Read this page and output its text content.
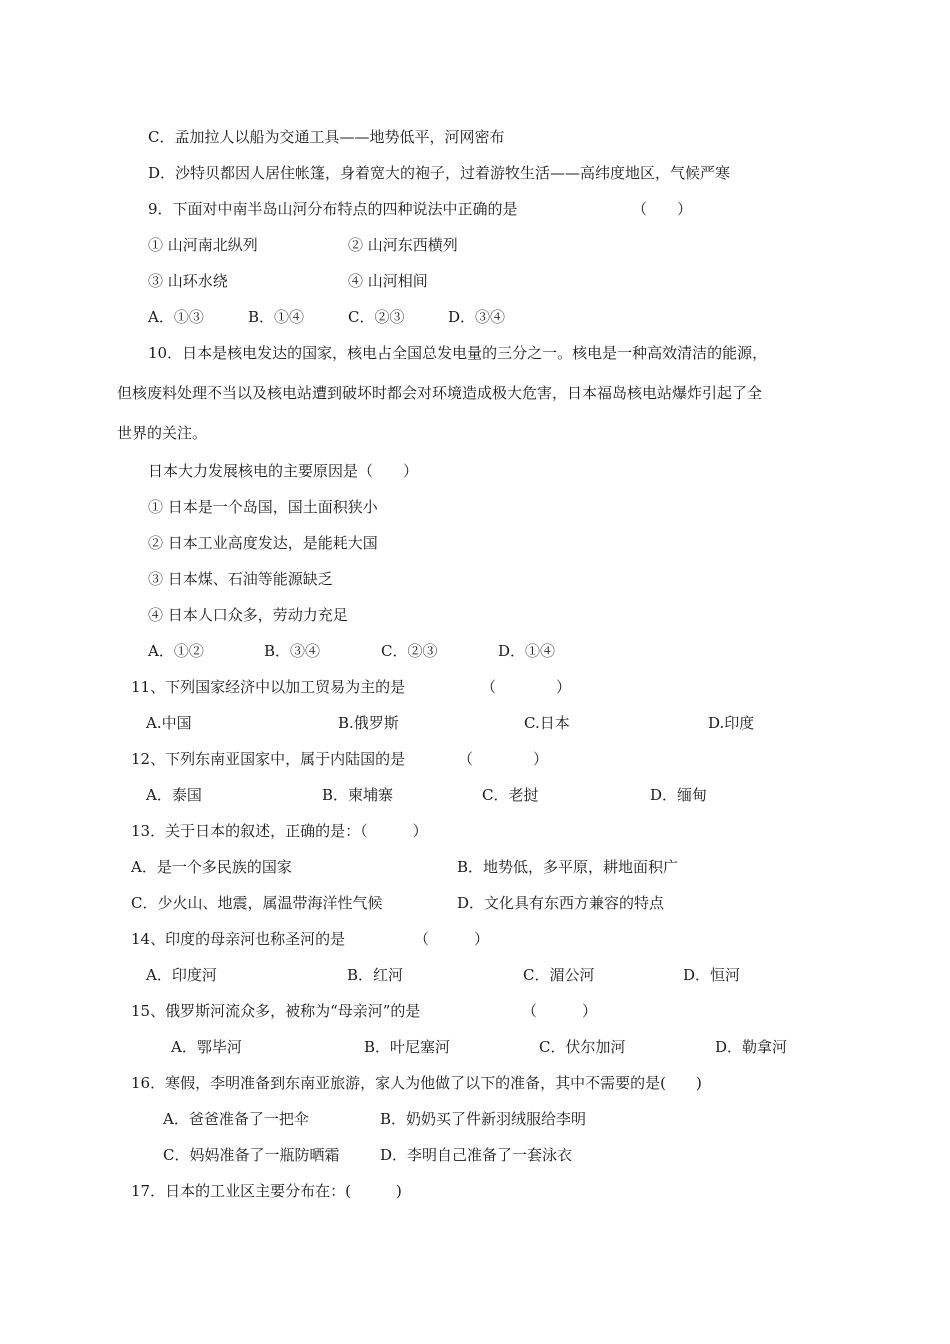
C．孟加拉人以船为交通工具——地势低平，河网密布
D．沙特贝都因人居住帐篷，身着宽大的袍子，过着游牧生活——高纬度地区，气候严寒
9．下面对中南半岛山河分布特点的四种说法中正确的是	（　　）
① 山河南北纵列	② 山河东西横列
③ 山环水绕	④ 山河相间
A．①③	B．①④	C．②③	D．③④
10．日本是核电发达的国家，核电占全国总发电量的三分之一。核电是一种高效清洁的能源，
但核废料处理不当以及核电站遭到破坏时都会对环境造成极大危害，日本福岛核电站爆炸引起了全
世界的关注。
日本大力发展核电的主要原因是（　　）
① 日本是一个岛国，国土面积狭小
② 日本工业高度发达，是能耗大国
③ 日本煤、石油等能源缺乏
④ 日本人口众多，劳动力充足
A．①②	B．③④	C．②③	D．①④
11、下列国家经济中以加工贸易为主的是	（　　　　）
A.中国	B.俄罗斯	C.日本	D.印度
12、下列东南亚国家中，属于内陆国的是	（　　　　）
A．泰国	B．柬埔寨	C．老挝	D．缅甸
13．关于日本的叙述，正确的是：（　　　）
A．是一个多民族的国家	B．地势低，多平原，耕地面积广
C．少火山、地震，属温带海洋性气候	D．文化具有东西方兼容的特点
14、印度的母亲河也称圣河的是	（　　　）
A．印度河	B．红河	C．湄公河	D．恒河
15、俄罗斯河流众多，被称为“母亲河”的是	（　　　）
A．鄂毕河	B．叶尼塞河	C．伏尔加河	D．勒拿河
16．寒假，李明准备到东南亚旅游，家人为他做了以下的准备，其中不需要的是(　　)
A．爸爸准备了一把伞	B．奶奶买了件新羽绒服给李明
C．妈妈准备了一瓶防晒霜	D．李明自己准备了一套泳衣
17．日本的工业区主要分布在：(　　　)
